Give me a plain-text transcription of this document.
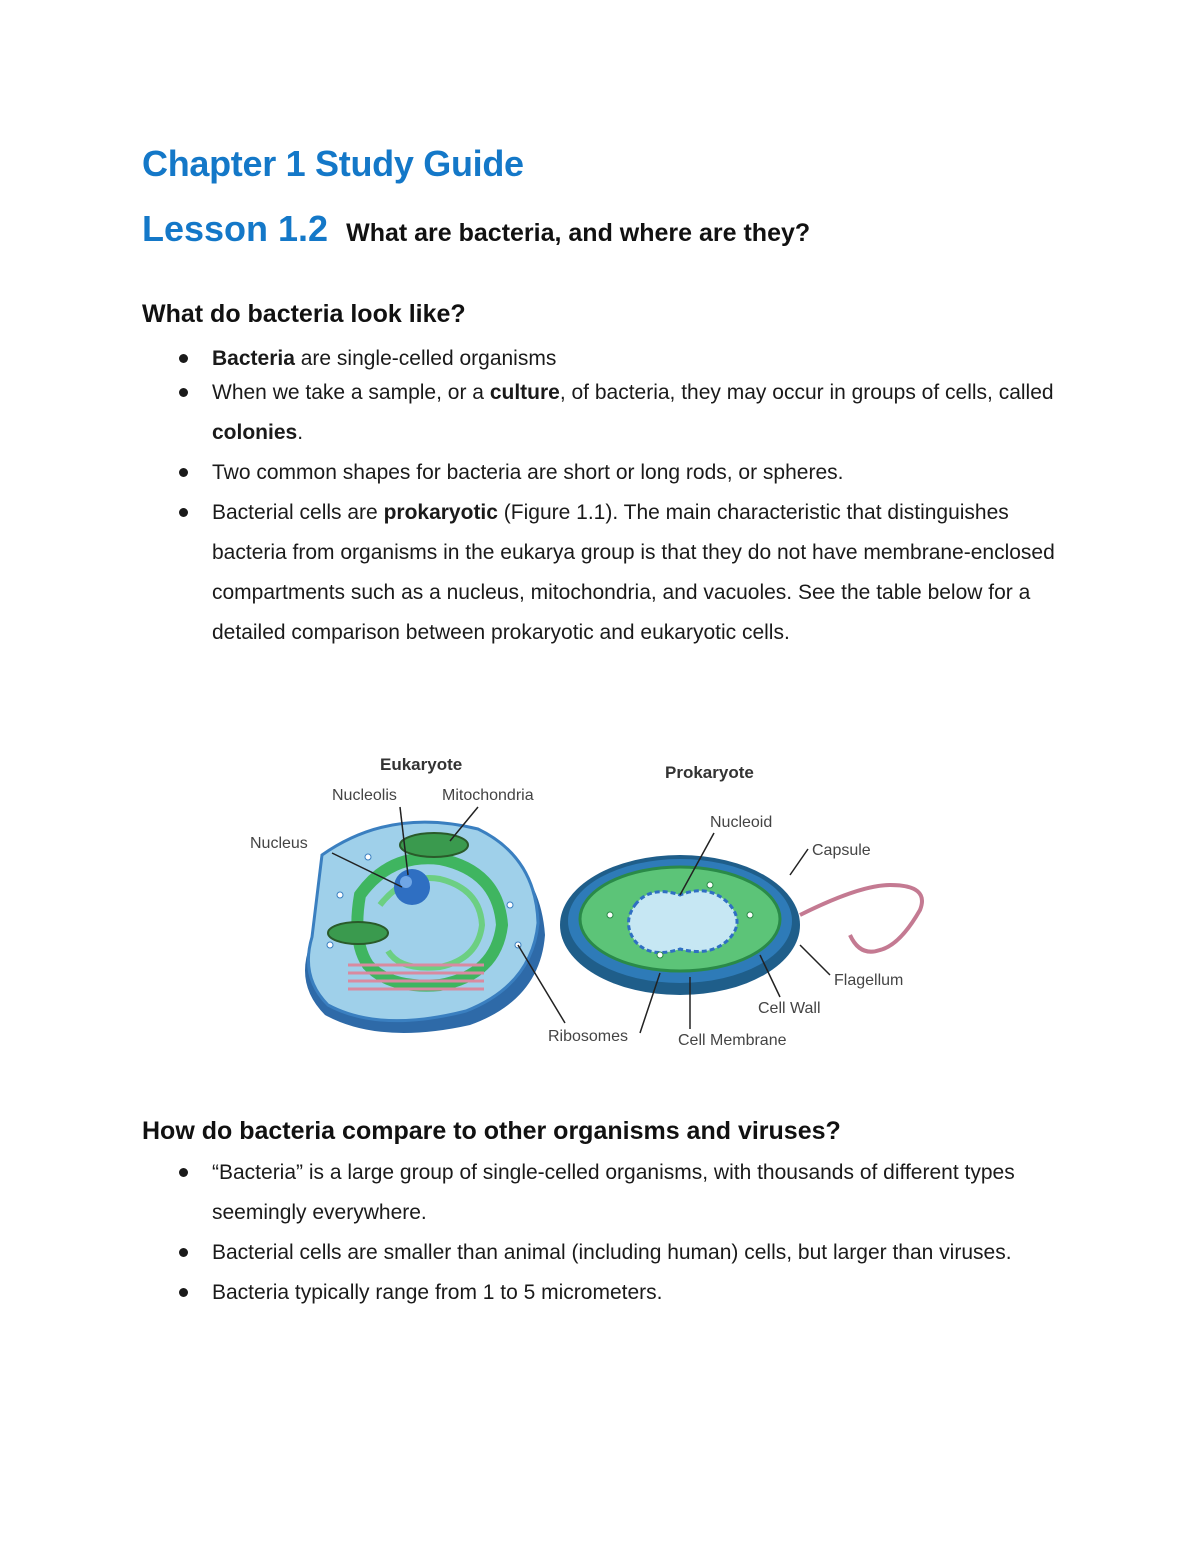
Chapter 1 Study Guide
Lesson 1.2 What are bacteria, and where are they?
What do bacteria look like?
Bacteria are single-celled organisms
When we take a sample, or a culture, of bacteria, they may occur in groups of cells, called colonies.
Two common shapes for bacteria are short or long rods, or spheres.
Bacterial cells are prokaryotic (Figure 1.1). The main characteristic that distinguishes bacteria from organisms in the eukarya group is that they do not have membrane-enclosed compartments such as a nucleus, mitochondria, and vacuoles. See the table below for a detailed comparison between prokaryotic and eukaryotic cells.
Eukaryote
Nucleolis	Mitochondria
Nucleus
Ribosomes
Prokaryote
Nucleoid
Capsule
Flagellum
Cell Wall
Cell Membrane
How do bacteria compare to other organisms and viruses?
“Bacteria” is a large group of single-celled organisms, with thousands of different types seemingly everywhere.
Bacterial cells are smaller than animal (including human) cells, but larger than viruses.
Bacteria typically range from 1 to 5 micrometers.
